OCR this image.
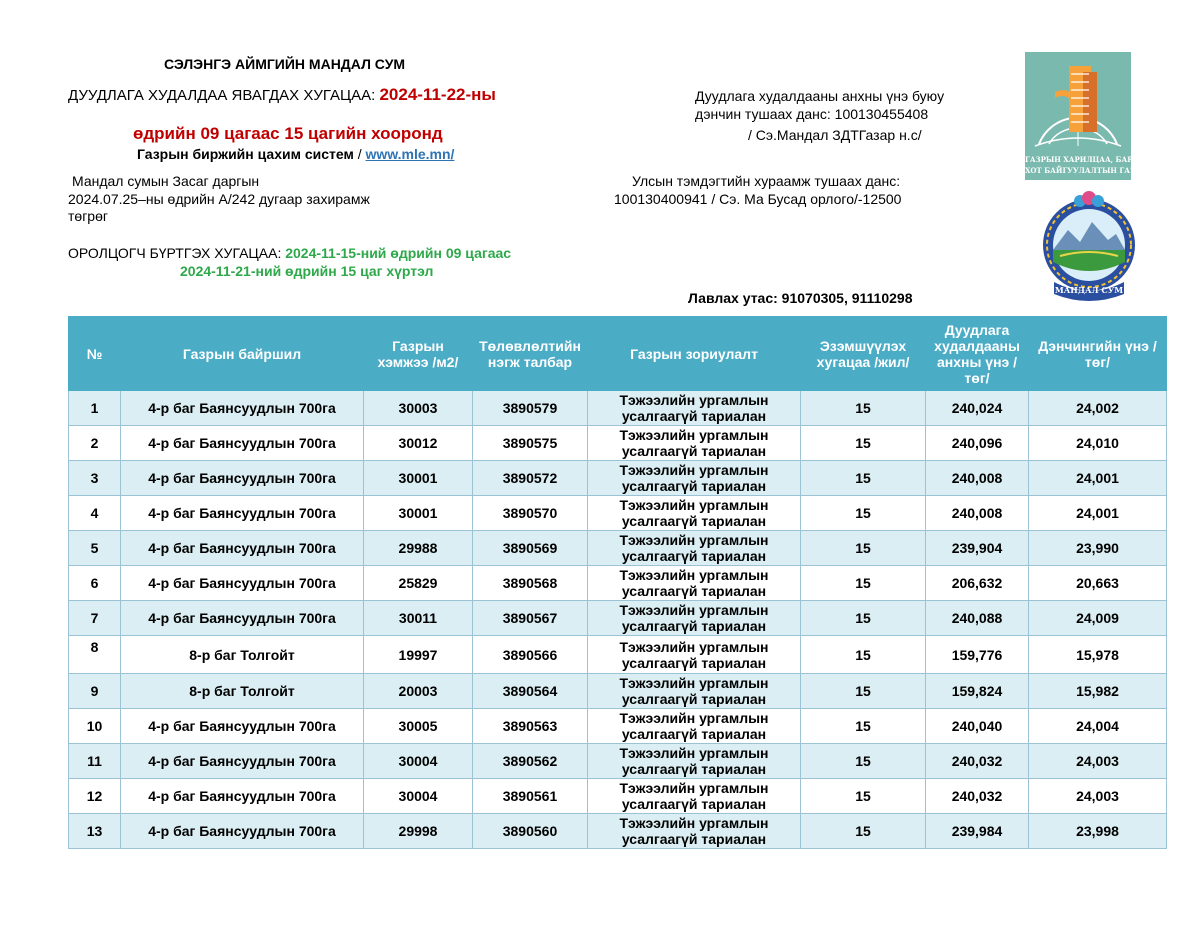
СЭЛЭНГЭ АЙМГИЙН МАНДАЛ СУМ
ДУУДЛАГА ХУДАЛДАА ЯВАГДАХ ХУГАЦАА: 2024-11-22-ны
өдрийн 09 цагаас 15 цагийн хооронд
Газрын биржийн цахим систем / www.mle.mn/
Мандал сумын Засаг даргын
2024.07.25–ны өдрийн А/242 дугаар захирамж
төгрөг
Дуудлага худалдааны анхны үнэ буюу
дэнчин тушаах данс: 100130455408
/ Сэ.Мандал ЗДТГазар н.с/
Улсын тэмдэгтийн хураамж тушаах данс:
100130400941 / Сэ. Ма Бусад орлого/-12500
ОРОЛЦОГЧ БҮРТГЭХ ХУГАЦАА: 2024-11-15-ний өдрийн 09 цагаас
2024-11-21-ний өдрийн 15 цаг хүртэл
Лавлах утас: 91070305, 91110298
ГАЗРЫН ХАРИЛЦАА, БАРИЛГА
ХОТ БАЙГУУЛАЛТЫН ГАЗАР
МАНДАЛ СУМ
№	Газрын байршил	Газрын хэмжээ /м2/	Төлөвлөлтийн нэгж талбар	Газрын зориулалт	Эзэмшүүлэх хугацаа /жил/	Дуудлага худалдааны анхны үнэ /төг/	Дэнчингийн үнэ /төг/
1	4-р баг Баянсуудлын 700га	30003	3890579	Тэжээлийн ургамлын усалгаагүй тариалан	15	240,024	24,002
2	4-р баг Баянсуудлын 700га	30012	3890575	Тэжээлийн ургамлын усалгаагүй тариалан	15	240,096	24,010
3	4-р баг Баянсуудлын 700га	30001	3890572	Тэжээлийн ургамлын усалгаагүй тариалан	15	240,008	24,001
4	4-р баг Баянсуудлын 700га	30001	3890570	Тэжээлийн ургамлын усалгаагүй тариалан	15	240,008	24,001
5	4-р баг Баянсуудлын 700га	29988	3890569	Тэжээлийн ургамлын усалгаагүй тариалан	15	239,904	23,990
6	4-р баг Баянсуудлын 700га	25829	3890568	Тэжээлийн ургамлын усалгаагүй тариалан	15	206,632	20,663
7	4-р баг Баянсуудлын 700га	30011	3890567	Тэжээлийн ургамлын усалгаагүй тариалан	15	240,088	24,009
8	8-р баг Толгойт	19997	3890566	Тэжээлийн ургамлын усалгаагүй тариалан	15	159,776	15,978
9	8-р баг Толгойт	20003	3890564	Тэжээлийн ургамлын усалгаагүй тариалан	15	159,824	15,982
10	4-р баг Баянсуудлын 700га	30005	3890563	Тэжээлийн ургамлын усалгаагүй тариалан	15	240,040	24,004
11	4-р баг Баянсуудлын 700га	30004	3890562	Тэжээлийн ургамлын усалгаагүй тариалан	15	240,032	24,003
12	4-р баг Баянсуудлын 700га	30004	3890561	Тэжээлийн ургамлын усалгаагүй тариалан	15	240,032	24,003
13	4-р баг Баянсуудлын 700га	29998	3890560	Тэжээлийн ургамлын усалгаагүй тариалан	15	239,984	23,998
